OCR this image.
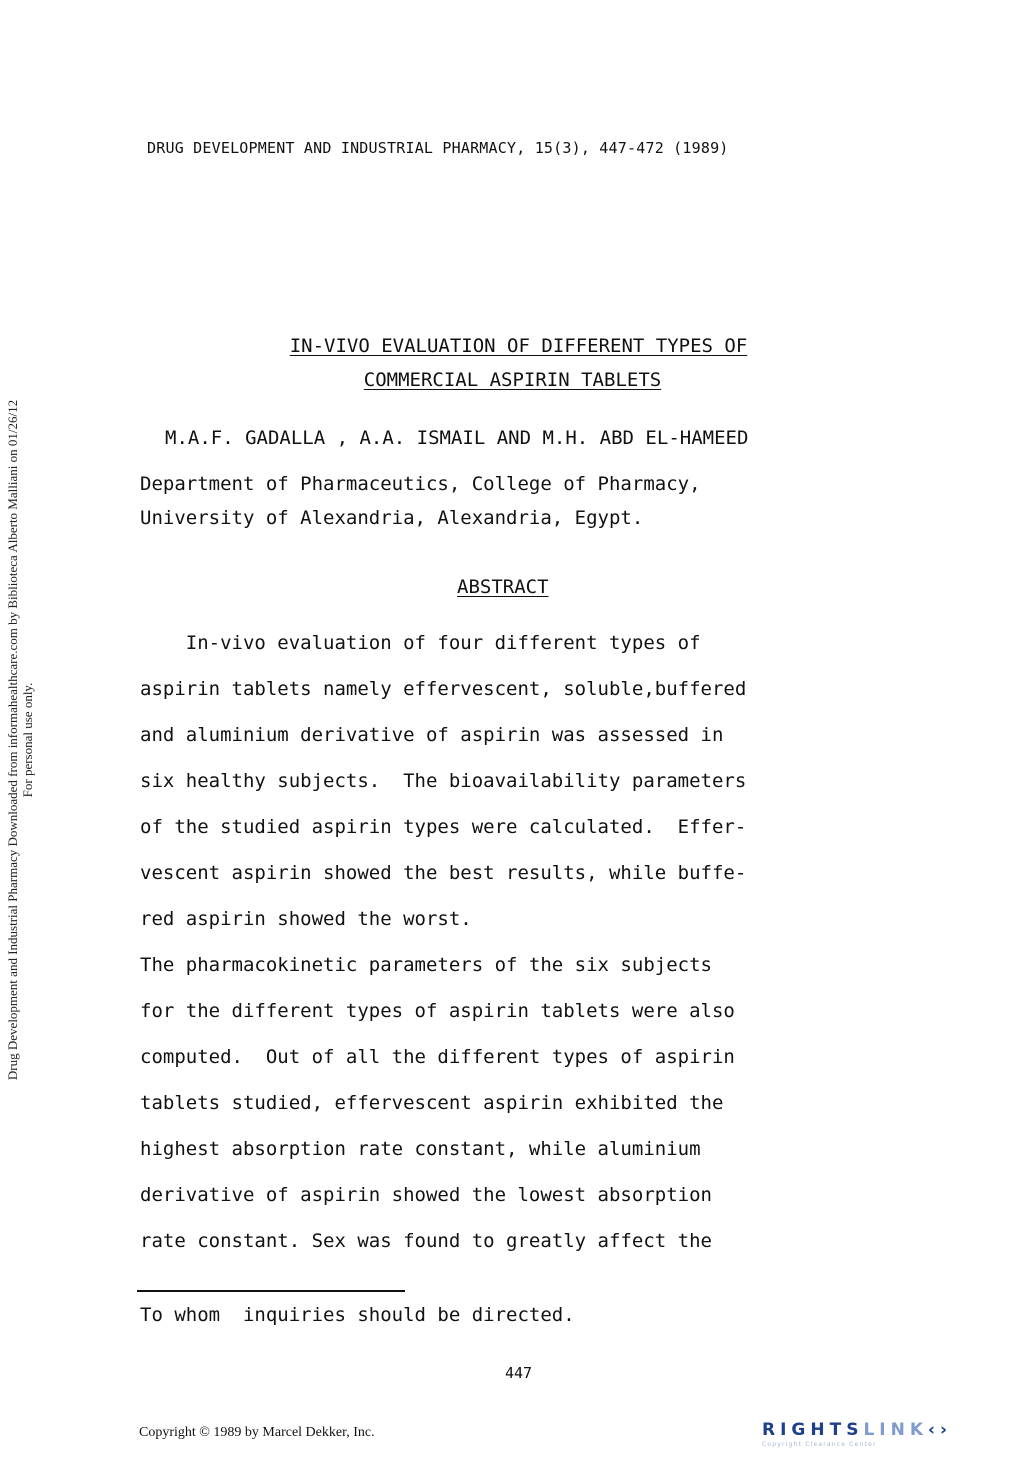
DRUG DEVELOPMENT AND INDUSTRIAL PHARMACY, 15(3), 447-472 (1989)
Drug Development and Industrial Pharmacy Downloaded from informahealthcare.com by Biblioteca Alberto Malliani on 01/26/12 For personal use only.
IN-VIVO EVALUATION OF DIFFERENT TYPES OF
COMMERCIAL ASPIRIN TABLETS
M.A.F. GADALLA , A.A. ISMAIL AND M.H. ABD EL-HAMEED
Department of Pharmaceutics, College of Pharmacy,
University of Alexandria, Alexandria, Egypt.
ABSTRACT
In-vivo evaluation of four different types of
aspirin tablets namely effervescent, soluble,buffered
and aluminium derivative of aspirin was assessed in
six healthy subjects.  The bioavailability parameters
of the studied aspirin types were calculated.  Effer-
vescent aspirin showed the best results, while buffe-
red aspirin showed the worst.
The pharmacokinetic parameters of the six subjects
for the different types of aspirin tablets were also
computed.  Out of all the different types of aspirin
tablets studied, effervescent aspirin exhibited the
highest absorption rate constant, while aluminium
derivative of aspirin showed the lowest absorption
rate constant. Sex was found to greatly affect the
To whom  inquiries should be directed.
447
Copyright © 1989 by Marcel Dekker, Inc.	RIGHTSLINK‹›
Copyright Clearance Center
